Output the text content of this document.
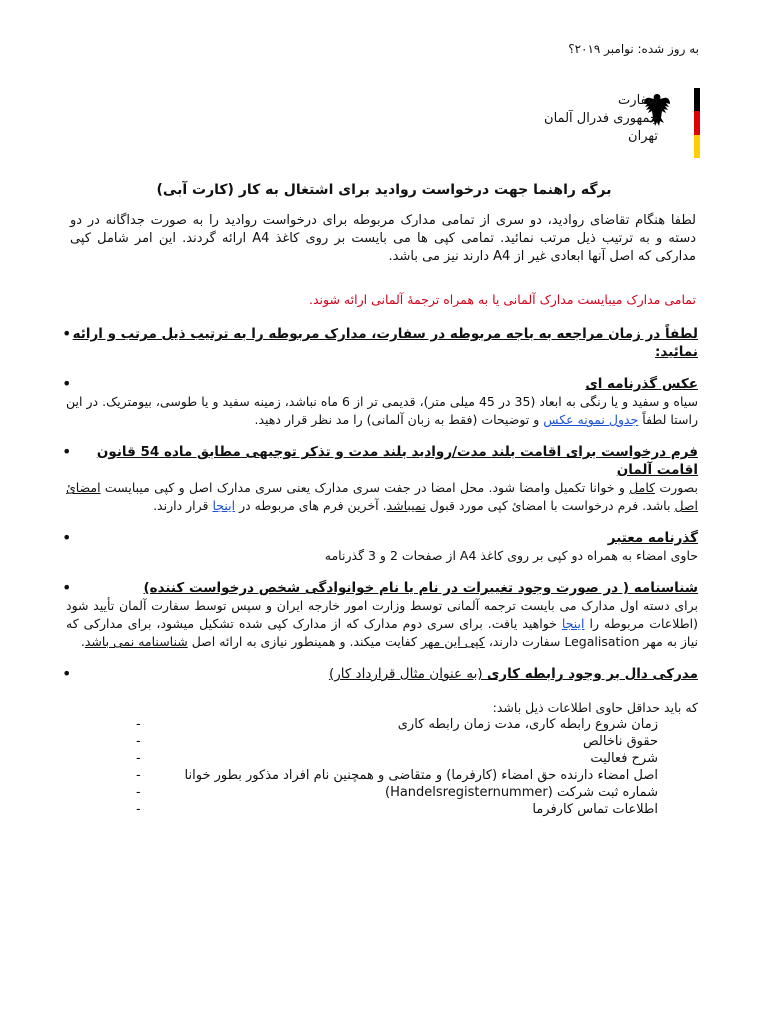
به روز شده: نوامبر ۲۰۱۹؟
سفارت
جمهوری فدرال آلمان
تهران
برگه راهنما جهت درخواست روادید برای اشتغال به کار (کارت آبی)
لطفا هنگام تقاضای روادید، دو سری از تمامی مدارک مربوطه برای درخواست روادید را به صورت جداگانه در دو دسته و به ترتیب ذیل مرتب نمائید. تمامی کپی ها می بایست بر روی کاغذ A4 ارائه گردند. این امر شامل کپی مدارکی که اصل آنها ابعادی غیر از A4 دارند نیز می باشد.
تمامی مدارک میبایست مدارک آلمانی یا به همراه ترجمهٔ آلمانی ارائه شوند.
• لطفاً در زمان مراجعه به باجه مربوطه در سفارت، مدارک مربوطه را به ترتیب ذیل مرتب و ارائه نمائید:
•	عکس گذرنامه ای
سیاه و سفید و یا رنگی به ابعاد (35 در 45 میلی متر)، قدیمی تر از 6 ماه نباشد، زمینه سفید و یا طوسی، بیومتریک. در این راستا لطفاً جدول نمونه عکس و توضیحات (فقط به زبان آلمانی) را مد نظر قرار دهید.
•	فرم درخواست برای اقامت بلند مدت/روادید بلند مدت و تذکر توجیهی مطابق ماده 54 قانون اقامت آلمان
بصورت کامل و خوانا تکمیل وامضا شود. محل امضا در جفت سری مدارک یعنی سری مدارک اصل و کپی میبایست امضائ اصل باشد. فرم درخواست با امضائ کپی مورد قبول نمیباشد. آخرین فرم های مربوطه در اینجا قرار دارند.
•	گذرنامه معتبر
حاوی امضاء به همراه دو کپی بر روی کاغذ A4 از صفحات 2 و 3 گذرنامه
•	شناسنامه ( در صورت وجود تغییرات در نام یا نام خوانوادگی شخص درخواست کننده)
برای دسته اول مدارک می بایست ترجمه آلمانی توسط وزارت امور خارجه ایران و سپس توسط سفارت آلمان تأیید شود (اطلاعات مربوطه را اینجا خواهید یافت. برای سری دوم مدارک که از مدارک کپی شده تشکیل میشود، برای مدارکی که نیاز به مهر Legalisation سفارت دارند، کپی این مهر کفایت میکند. و همینطور نیازی به ارائه اصل شناسنامه نمی باشد.
•	مدرکی دال بر وجود رابطه کاری (به عنوان مثال قرارداد کار)
که باید حداقل حاوی اطلاعات ذیل باشد:
-	زمان شروع رابطه کاری، مدت زمان رابطه کاری
-	حقوق ناخالص
-	شرح فعالیت
-	اصل امضاء دارنده حق امضاء (کارفرما) و متقاضی و همچنین نام افراد مذکور بطور خوانا
-	شماره ثبت شرکت (Handelsregisternummer)
-	اطلاعات تماس کارفرما
